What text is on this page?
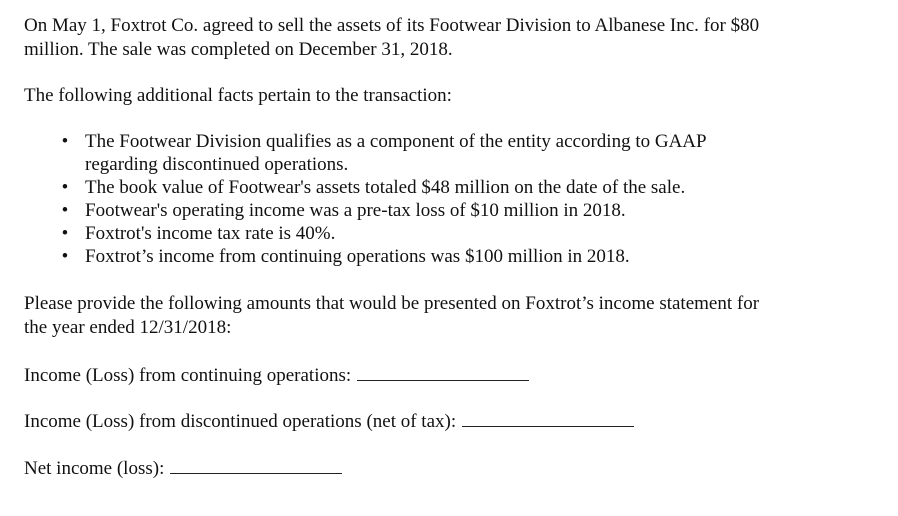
On May 1, Foxtrot Co. agreed to sell the assets of its Footwear Division to Albanese Inc. for $80

million. The sale was completed on December 31, 2018.

The following additional facts pertain to the transaction:

• The Footwear Division qualifies as a component of the entity according to GAAP

regarding discontinued operations.

• The book value of Footwear's assets totaled $48 million on the date of the sale.

• Footwear's operating income was a pre-tax loss of $10 million in 2018.

• Foxtrot's income tax rate is 40%.

• Foxtrot’s income from continuing operations was $100 million in 2018.

Please provide the following amounts that would be presented on Foxtrot’s income statement for

the year ended 12/31/2018:

Income (Loss) from continuing operations:
Income (Loss) from discontinued operations (net of tax):
Net income (loss):
